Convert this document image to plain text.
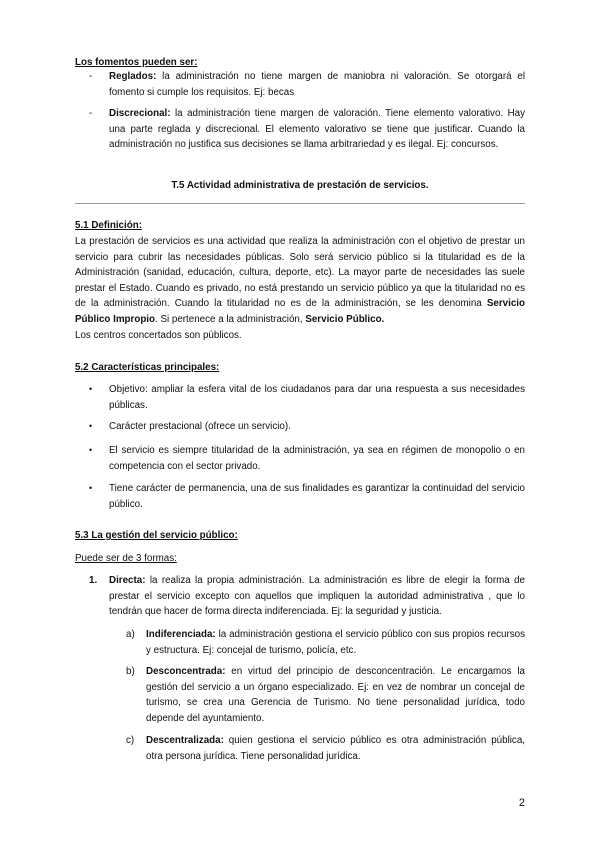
Los fomentos pueden ser:
- Reglados: la administración no tiene margen de maniobra ni valoración. Se otorgará el fomento si cumple los requisitos. Ej: becas
- Discrecional: la administración tiene margen de valoración. Tiene elemento valorativo. Hay una parte reglada y discrecional. El elemento valorativo se tiene que justificar. Cuando la administración no justifica sus decisiones se llama arbitrariedad y es ilegal. Ej: concursos.
T.5 Actividad administrativa de prestación de servicios.
5.1 Definición:
La prestación de servicios es una actividad que realiza la administración con el objetivo de prestar un servicio para cubrir las necesidades públicas. Solo será servicio público si la titularidad es de la Administración (sanidad, educación, cultura, deporte, etc). La mayor parte de necesidades las suele prestar el Estado. Cuando es privado, no está prestando un servicio público ya que la titularidad no es de la administración. Cuando la titularidad no es de la administración, se les denomina Servicio Público Impropio. Si pertenece a la administración, Servicio Público.
Los centros concertados son públicos.
5.2 Características principales:
• Objetivo: ampliar la esfera vital de los ciudadanos para dar una respuesta a sus necesidades públicas.
• Carácter prestacional (ofrece un servicio).
• El servicio es siempre titularidad de la administración, ya sea en régimen de monopolio o en competencia con el sector privado.
• Tiene carácter de permanencia, una de sus finalidades es garantizar la continuidad del servicio público.
5.3 La gestión del servicio público:
Puede ser de 3 formas:
1. Directa: la realiza la propia administración. La administración es libre de elegir la forma de prestar el servicio excepto con aquellos que impliquen la autoridad administrativa , que lo tendrán que hacer de forma directa indiferenciada. Ej: la seguridad y justicia.
a) Indiferenciada: la administración gestiona el servicio público con sus propios recursos y estructura. Ej: concejal de turismo, policía, etc.
b) Desconcentrada: en virtud del principio de desconcentración. Le encargamos la gestión del servicio a un órgano especializado. Ej: en vez de nombrar un concejal de turismo, se crea una Gerencia de Turismo. No tiene personalidad jurídica, todo depende del ayuntamiento.
c) Descentralizada: quien gestiona el servicio público es otra administración pública, otra persona jurídica. Tiene personalidad jurídica.
2
